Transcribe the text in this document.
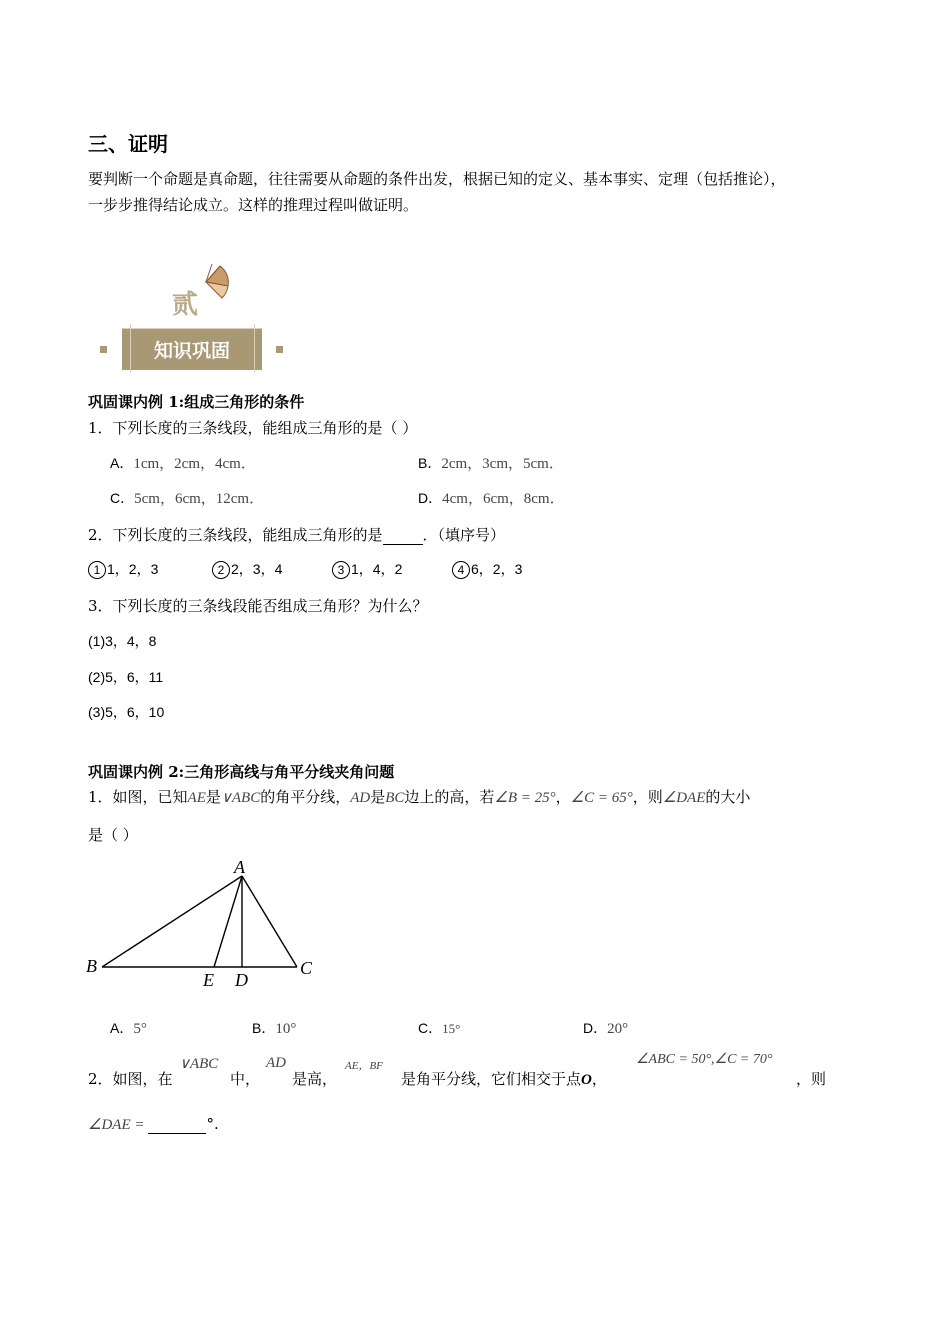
三、证明
要判断一个命题是真命题，往往需要从命题的条件出发，根据已知的定义、基本事实、定理（包括推论），
一步步推得结论成立。这样的推理过程叫做证明。
贰
知识巩固
巩固课内例 1:组成三角形的条件
1．下列长度的三条线段，能组成三角形的是（ ）
A．1cm，2cm，4cm．	B．2cm，3cm，5cm．
C．5cm，6cm，12cm．	D．4cm，6cm，8cm．
2．下列长度的三条线段，能组成三角形的是	．（填序号）
1 1，2，3	2 2，3，4	3 1，4，2	4 6，2，3
3．下列长度的三条线段能否组成三角形？为什么？
(1)3，4，8
(2)5，6，11
(3)5，6，10
巩固课内例 2:三角形高线与角平分线夹角问题
1．如图，已知AE是∨ABC的角平分线，AD是BC边上的高，若∠B = 25°，∠C = 65°，则∠DAE的大小
是（ ）
A
B	C
D
E
A．5°	B．10°	C．15°	D．20°
2．如图，在
∨ABC
中，
AD
是高，
AE，BF
是角平分线，它们相交于点O，
∠ABC = 50°,∠C = 70°
，则
∠DAE =	°.
